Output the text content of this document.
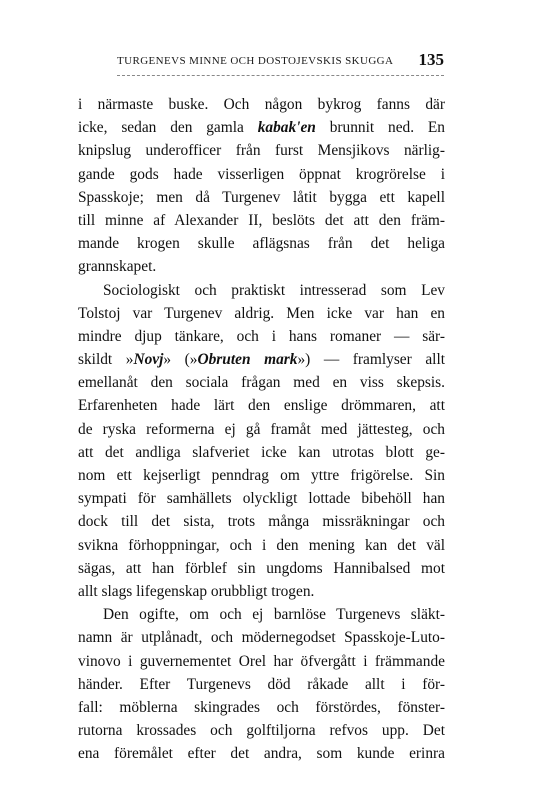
TURGENEVS MINNE OCH DOSTOJEVSKIS SKUGGA 135
i närmaste buske. Och någon bykrog fanns där
icke, sedan den gamla kabak'en brunnit ned. En
knipslug underofficer från furst Mensjikovs närlig-
gande gods hade visserligen öppnat krogrörelse i
Spasskoje; men då Turgenev låtit bygga ett kapell
till minne af Alexander II, beslöts det att den främ-
mande krogen skulle aflägsnas från det heliga
grannskapet.
Sociologiskt och praktiskt intresserad som Lev
Tolstoj var Turgenev aldrig. Men icke var han en
mindre djup tänkare, och i hans romaner — sär-
skildt »Novj» (»Obruten mark») — framlyser allt
emellanåt den sociala frågan med en viss skepsis.
Erfarenheten hade lärt den enslige drömmaren, att
de ryska reformerna ej gå framåt med jättesteg, och
att det andliga slafveriet icke kan utrotas blott ge-
nom ett kejserligt penndrag om yttre frigörelse. Sin
sympati för samhällets olyckligt lottade bibehöll han
dock till det sista, trots många missräkningar och
svikna förhoppningar, och i den mening kan det väl
sägas, att han förblef sin ungdoms Hannibalsed mot
allt slags lifegenskap orubbligt trogen.
Den ogifte, om och ej barnlöse Turgenevs släkt-
namn är utplånadt, och mödernegodset Spasskoje-Luto-
vinovo i guvernementet Orel har öfvergått i främmande
händer. Efter Turgenevs död råkade allt i för-
fall: möblerna skingrades och förstördes, fönster-
rutorna krossades och golftiljorna refvos upp. Det
ena föremålet efter det andra, som kunde erinra
